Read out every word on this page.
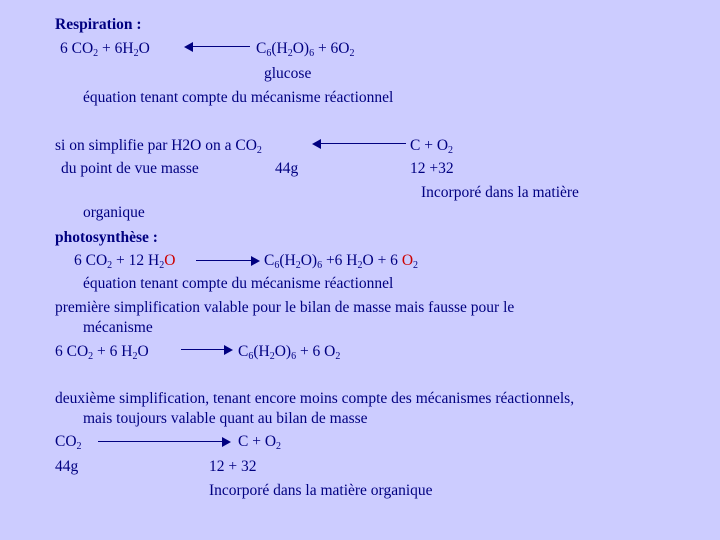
Respiration :
6 $CO_2 + 6H_2O$	$C_6(H_2O)_6 + 6O_2$
glucose
équation tenant compte du mécanisme réactionnel
si on simplifie par H2O on a $CO_2$	$C + O_2$
du point de vue masse	44g	12 +32
Incorporé dans la matière
organique
photosynthèse :
6 $CO_2 + 12$ $H_2O$	$C_6(H_2O)_6 +6$ $H_2O + 6$ $O_2$
équation tenant compte du mécanisme réactionnel
première simplification valable pour le bilan de masse mais fausse pour le
mécanisme
6 $CO_2 + 6$ $H_2O$	$C_6(H_2O)_6 + 6$ $O_2$
deuxième simplification, tenant encore moins compte des mécanismes réactionnels,
mais toujours valable quant au bilan de masse
$CO_2$	$C + O_2$
44g	12 + 32
Incorporé dans la matière organique
